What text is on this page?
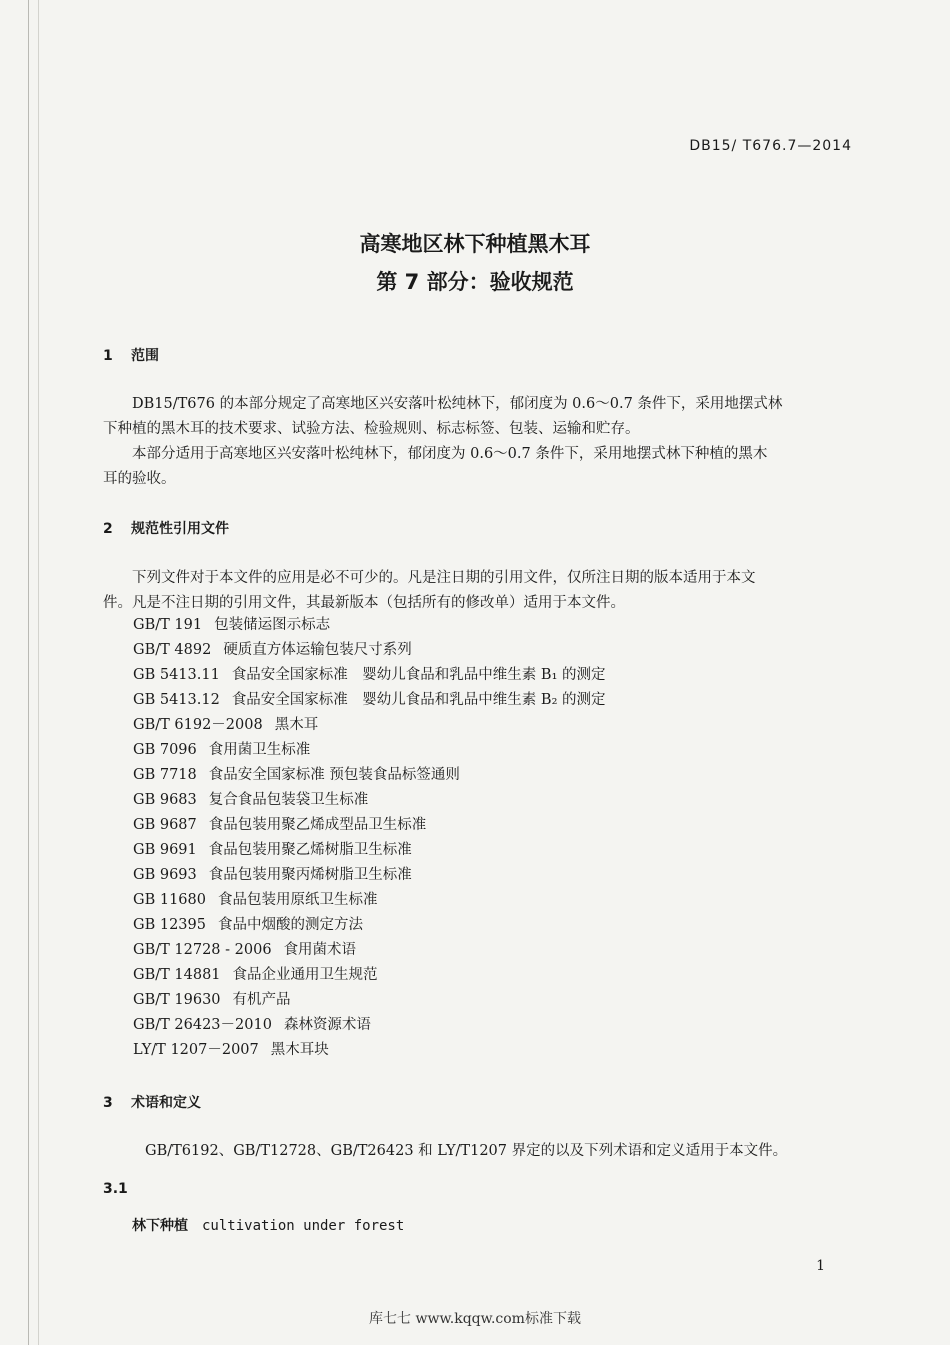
DB15/ T676.7—2014
高寒地区林下种植黑木耳
第 7 部分：验收规范
1 范围
DB15/T676 的本部分规定了高寒地区兴安落叶松纯林下，郁闭度为 0.6～0.7 条件下，采用地摆式林
下种植的黑木耳的技术要求、试验方法、检验规则、标志标签、包装、运输和贮存。
本部分适用于高寒地区兴安落叶松纯林下，郁闭度为 0.6～0.7 条件下，采用地摆式林下种植的黑木
耳的验收。
2 规范性引用文件
下列文件对于本文件的应用是必不可少的。凡是注日期的引用文件，仅所注日期的版本适用于本文
件。凡是不注日期的引用文件，其最新版本（包括所有的修改单）适用于本文件。
GB/T 191 包装储运图示标志
GB/T 4892 硬质直方体运输包装尺寸系列
GB 5413.11 食品安全国家标准　婴幼儿食品和乳品中维生素 B₁ 的测定
GB 5413.12 食品安全国家标准　婴幼儿食品和乳品中维生素 B₂ 的测定
GB/T 6192－2008 黑木耳
GB 7096 食用菌卫生标准
GB 7718 食品安全国家标准 预包装食品标签通则
GB 9683 复合食品包装袋卫生标准
GB 9687 食品包装用聚乙烯成型品卫生标准
GB 9691 食品包装用聚乙烯树脂卫生标准
GB 9693 食品包装用聚丙烯树脂卫生标准
GB 11680 食品包装用原纸卫生标准
GB 12395 食品中烟酸的测定方法
GB/T 12728 - 2006 食用菌术语
GB/T 14881 食品企业通用卫生规范
GB/T 19630 有机产品
GB/T 26423－2010 森林资源术语
LY/T 1207－2007 黑木耳块
3 术语和定义
GB/T6192、GB/T12728、GB/T26423 和 LY/T1207 界定的以及下列术语和定义适用于本文件。
3.1
林下种植 cultivation under forest
1
库七七 www.kqqw.com标准下载
